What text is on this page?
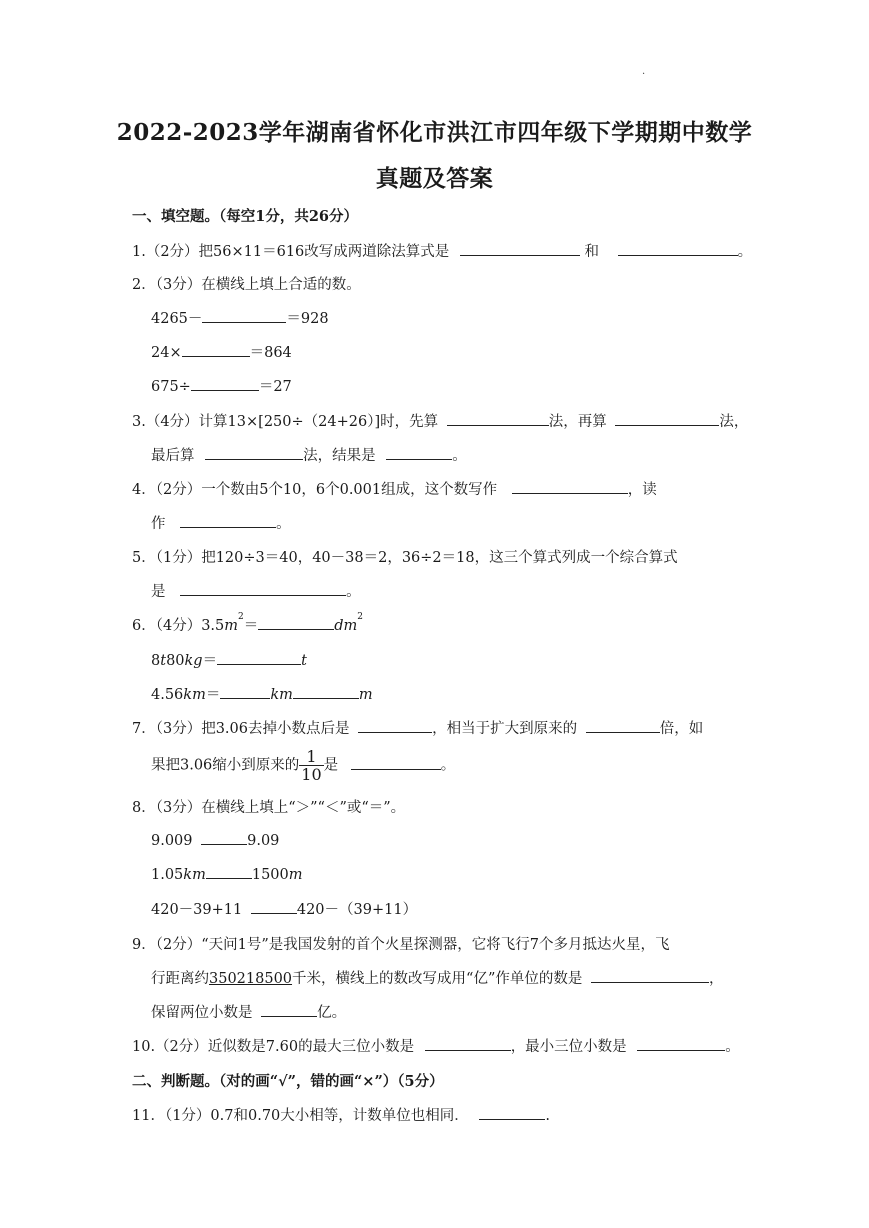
.
2022-2023学年湖南省怀化市洪江市四年级下学期期中数学
真题及答案
一、填空题。（每空1分，共26分）
1.（2分）把56×11＝616改写成两道除法算式是	和	。
2．（3分）在横线上填上合适的数。
4265－	＝928
24×	＝864
675÷	＝27
3.（4分）计算13×[250÷（24+26）]时，先算	法，再算	法，
最后算	法，结果是	。
4．（2分）一个数由5个10，6个0.001组成，这个数写作	，读
作	。
5．（1分）把120÷3＝40，40－38＝2，36÷2＝18，这三个算式列成一个综合算式
是	。
6．（4分）$3.5m^2=$	$dm^2$
8t80kg＝	t
4.56km＝	km	m
7．（3分）把3.06去掉小数点后是	，相当于扩大到原来的	倍，如
果把3.06缩小到原来的 $\frac{1}{10}$ 是	。
8．（3分）在横线上填上“＞”“＜”或“＝”。
9.009	9.09
1.05km	1500m
420－39+11	420－（39+11）
9．（2分）“天问1号”是我国发射的首个火星探测器，它将飞行7个多月抵达火星，飞
行距离约350218500千米，横线上的数改写成用“亿”作单位的数是	，
保留两位小数是	亿。
10.（2分）近似数是7.60的最大三位小数是	，最小三位小数是	。
二、判断题。（对的画“√”，错的画“×”）（5分）
11．（1分）0.7和0.70大小相等，计数单位也相同．	.
